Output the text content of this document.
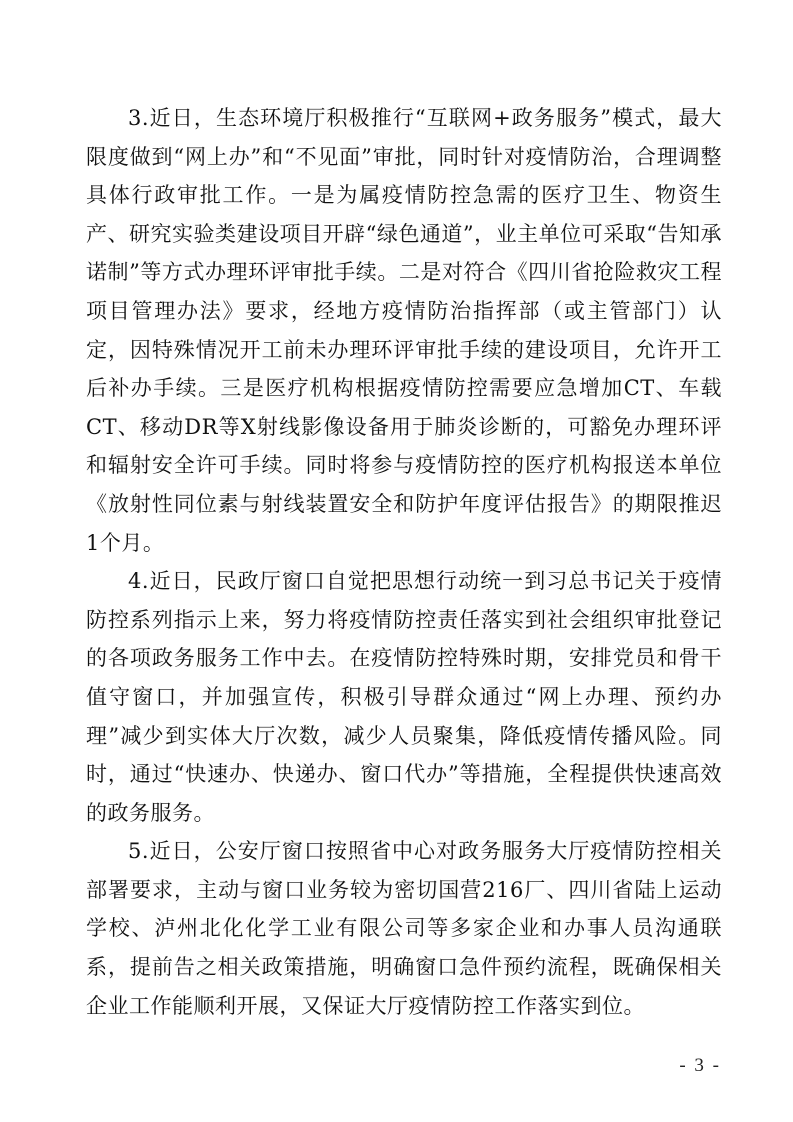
3.近日，生态环境厅积极推行“互联网+政务服务”模式，最大限度做到“网上办”和“不见面”审批，同时针对疫情防治，合理调整具体行政审批工作。一是为属疫情防控急需的医疗卫生、物资生产、研究实验类建设项目开辟“绿色通道”，业主单位可采取“告知承诺制”等方式办理环评审批手续。二是对符合《四川省抢险救灾工程项目管理办法》要求，经地方疫情防治指挥部（或主管部门）认定，因特殊情况开工前未办理环评审批手续的建设项目，允许开工后补办手续。三是医疗机构根据疫情防控需要应急增加CT、车载CT、移动DR等X射线影像设备用于肺炎诊断的，可豁免办理环评和辐射安全许可手续。同时将参与疫情防控的医疗机构报送本单位《放射性同位素与射线装置安全和防护年度评估报告》的期限推迟1个月。

4.近日，民政厅窗口自觉把思想行动统一到习总书记关于疫情防控系列指示上来，努力将疫情防控责任落实到社会组织审批登记的各项政务服务工作中去。在疫情防控特殊时期，安排党员和骨干值守窗口，并加强宣传，积极引导群众通过“网上办理、预约办理”减少到实体大厅次数，减少人员聚集，降低疫情传播风险。同时，通过“快速办、快递办、窗口代办”等措施，全程提供快速高效的政务服务。

5.近日，公安厅窗口按照省中心对政务服务大厅疫情防控相关部署要求，主动与窗口业务较为密切国营216厂、四川省陆上运动学校、泸州北化化学工业有限公司等多家企业和办事人员沟通联系，提前告之相关政策措施，明确窗口急件预约流程，既确保相关企业工作能顺利开展，又保证大厅疫情防控工作落实到位。

- 3 -
